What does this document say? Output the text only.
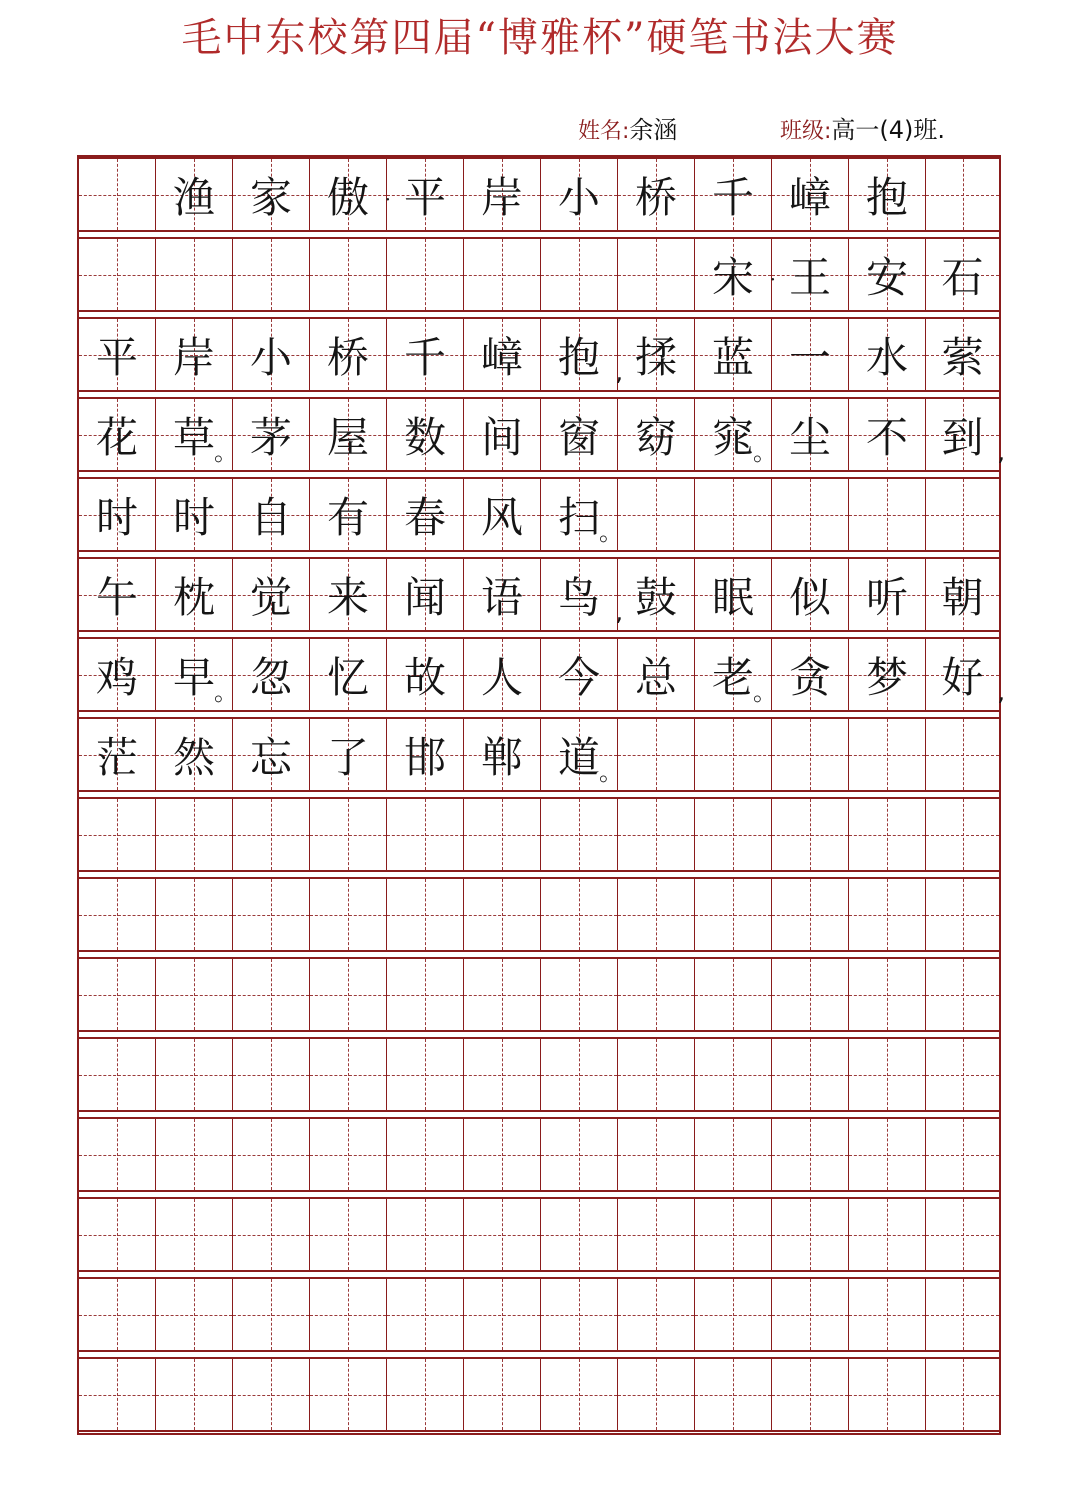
毛中东校第四届“博雅杯”硬笔书法大赛
姓名:余涵	班级:高一(4)班.
渔 家 傲 · 平 岸 小 桥 千 嶂 抱
宋 · 王 安 石
平 岸 小 桥 千 嶂 抱 , 揉 蓝 一 水 萦
花 草 。 茅 屋 数 间 窗 窈 窕 。 尘 不 到 ,
时 时 自 有 春 风 扫 。
午 枕 觉 来 闻 语 鸟 , 鼓 眠 似 听 朝
鸡 早 。 忽 忆 故 人 今 总 老 。 贪 梦 好 ,
茫 然 忘 了 邯 郸 道 。
